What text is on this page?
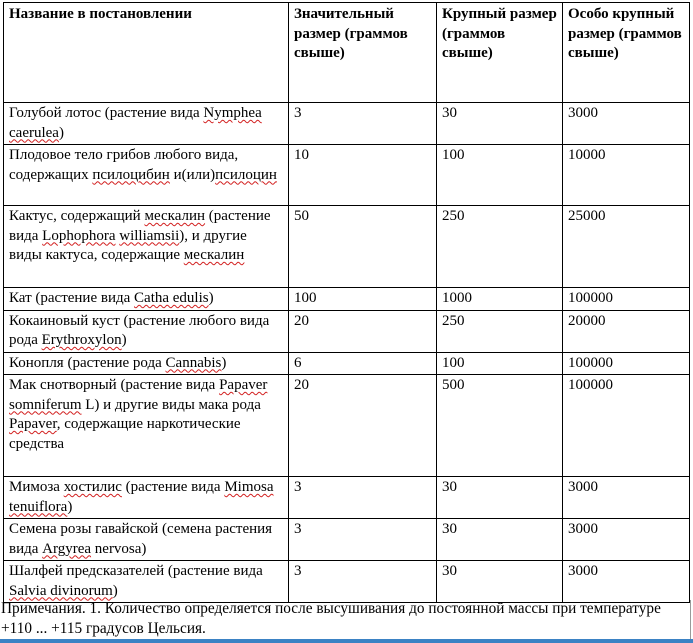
Название в постановлении	Значительный размер (граммов свыше)	Крупный размер (граммов свыше)	Особо крупный размер (граммов свыше)
Голубой лотос (растение вида Nymphea caerulea)	3	30	3000
Плодовое тело грибов любого вида, содержащих псилоцибин и(или)псилоцин	10	100	10000
Кактус, содержащий мескалин (растение вида Lophophora williamsii), и другие виды кактуса, содержащие мескалин	50	250	25000
Кат (растение вида Catha edulis)	100	1000	100000
Кокаиновый куст (растение любого вида рода Erythroxylon)	20	250	20000
Конопля (растение рода Cannabis)	6	100	100000
Мак снотворный (растение вида Papaver somniferum L) и другие виды мака рода Papaver, содержащие наркотические средства	20	500	100000
Мимоза хостилис (растение вида Mimosa tenuiflora)	3	30	3000
Семена розы гавайской (семена растения вида Argyrea nervosa)	3	30	3000
Шалфей предсказателей (растение вида Salvia divinorum)	3	30	3000

Примечания. 1. Количество определяется после высушивания до постоянной массы при температуре +110 ... +115 градусов Цельсия.
